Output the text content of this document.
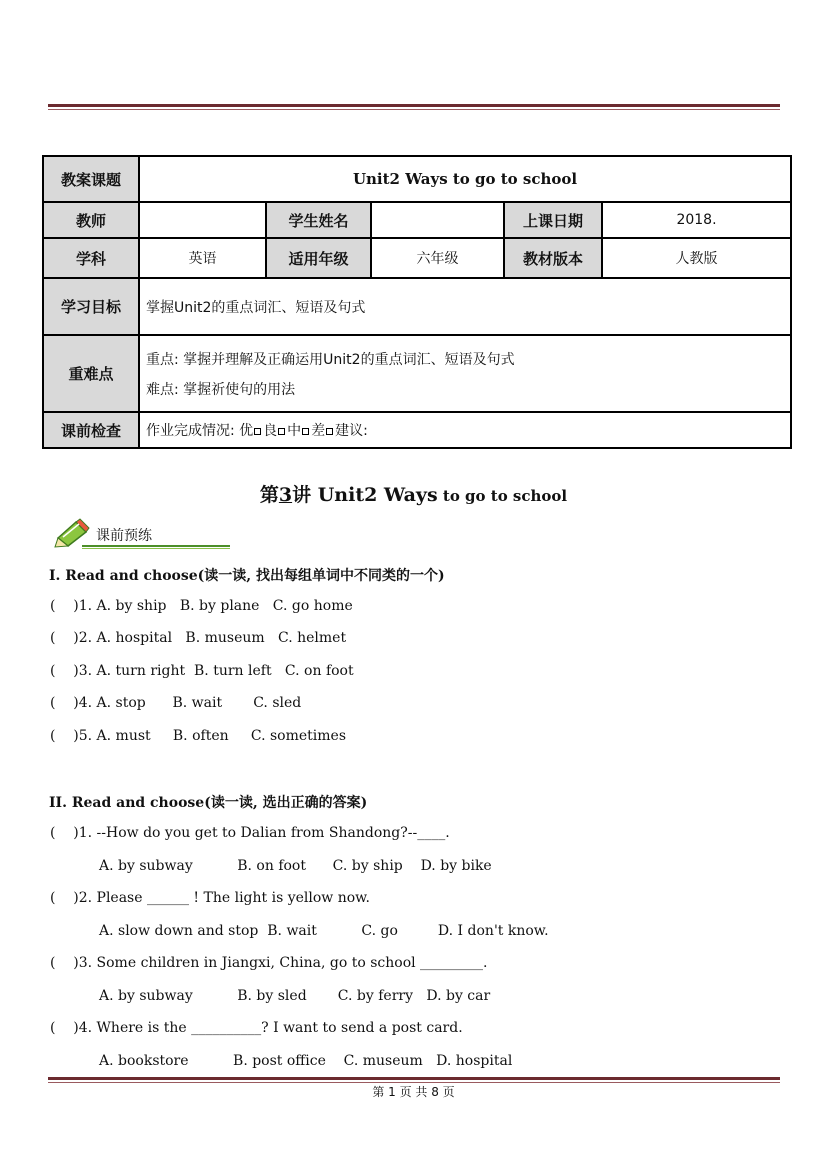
教案课题	Unit2 Ways to go to school				
教师		学生姓名		上课日期	2018.
学科	英语	适用年级	六年级	教材版本	人教版
学习目标	掌握Unit2的重点词汇、短语及句式				
重难点	重点: 掌握并理解及正确运用Unit2的重点词汇、短语及句式
难点: 掌握祈使句的用法				

课前检查	作业完成情况: 优 良 中 差 建议:				
第3讲 Unit2 Ways to go to school
课前预练
I. Read and choose(读一读, 找出每组单词中不同类的一个)
(    )1. A. by ship   B. by plane   C. go home
(    )2. A. hospital   B. museum   C. helmet
(    )3. A. turn right  B. turn left   C. on foot
(    )4. A. stop      B. wait       C. sled
(    )5. A. must     B. often     C. sometimes
II. Read and choose(读一读, 选出正确的答案)
(    )1. --How do you get to Dalian from Shandong?--____.
A. by subway          B. on foot      C. by ship    D. by bike
(    )2. Please ______ ! The light is yellow now.
A. slow down and stop  B. wait          C. go         D. I don't know.
(    )3. Some children in Jiangxi, China, go to school _________.
A. by subway          B. by sled       C. by ferry   D. by car
(    )4. Where is the __________? I want to send a post card.
A. bookstore          B. post office    C. museum   D. hospital
第 1 页 共 8 页
